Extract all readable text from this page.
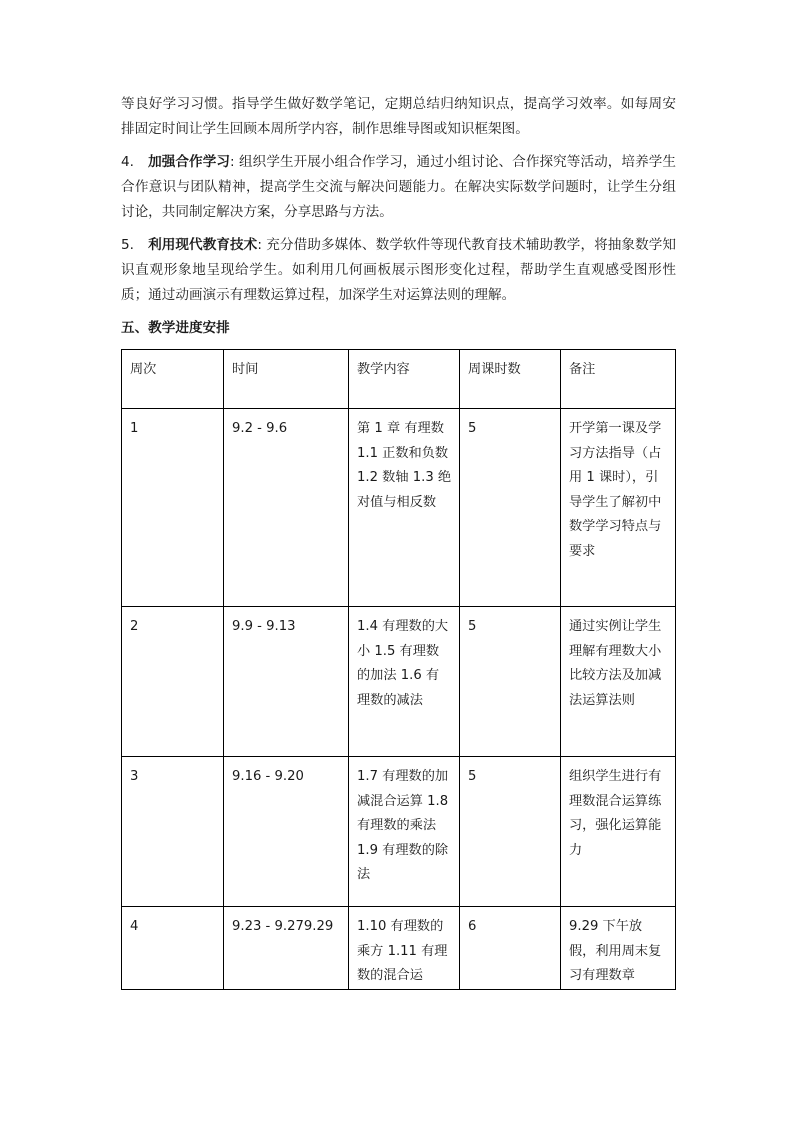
等良好学习习惯。指导学生做好数学笔记，定期总结归纳知识点，提高学习效率。如每周安排固定时间让学生回顾本周所学内容，制作思维导图或知识框架图。

4. 加强合作学习: 组织学生开展小组合作学习，通过小组讨论、合作探究等活动，培养学生合作意识与团队精神，提高学生交流与解决问题能力。在解决实际数学问题时，让学生分组讨论，共同制定解决方案，分享思路与方法。

5. 利用现代教育技术: 充分借助多媒体、数学软件等现代教育技术辅助教学，将抽象数学知识直观形象地呈现给学生。如利用几何画板展示图形变化过程，帮助学生直观感受图形性质；通过动画演示有理数运算过程，加深学生对运算法则的理解。

五、教学进度安排
周次	时间	教学内容	周课时数	备注
1	9.2 - 9.6	第 1 章 有理数 1.1 正数和负数 1.2 数轴 1.3 绝对值与相反数	5	开学第一课及学习方法指导（占用 1 课时），引导学生了解初中数学学习特点与要求
2	9.9 - 9.13	1.4 有理数的大小 1.5 有理数的加法 1.6 有理数的减法	5	通过实例让学生理解有理数大小比较方法及加减法运算法则
3	9.16 - 9.20	1.7 有理数的加减混合运算 1.8 有理数的乘法 1.9 有理数的除法	5	组织学生进行有理数混合运算练习，强化运算能力

4	9.23 - 9.279.29	1.10 有理数的乘方 1.11 有理数的混合运	6	9.29 下午放假，利用周末复习有理数章
